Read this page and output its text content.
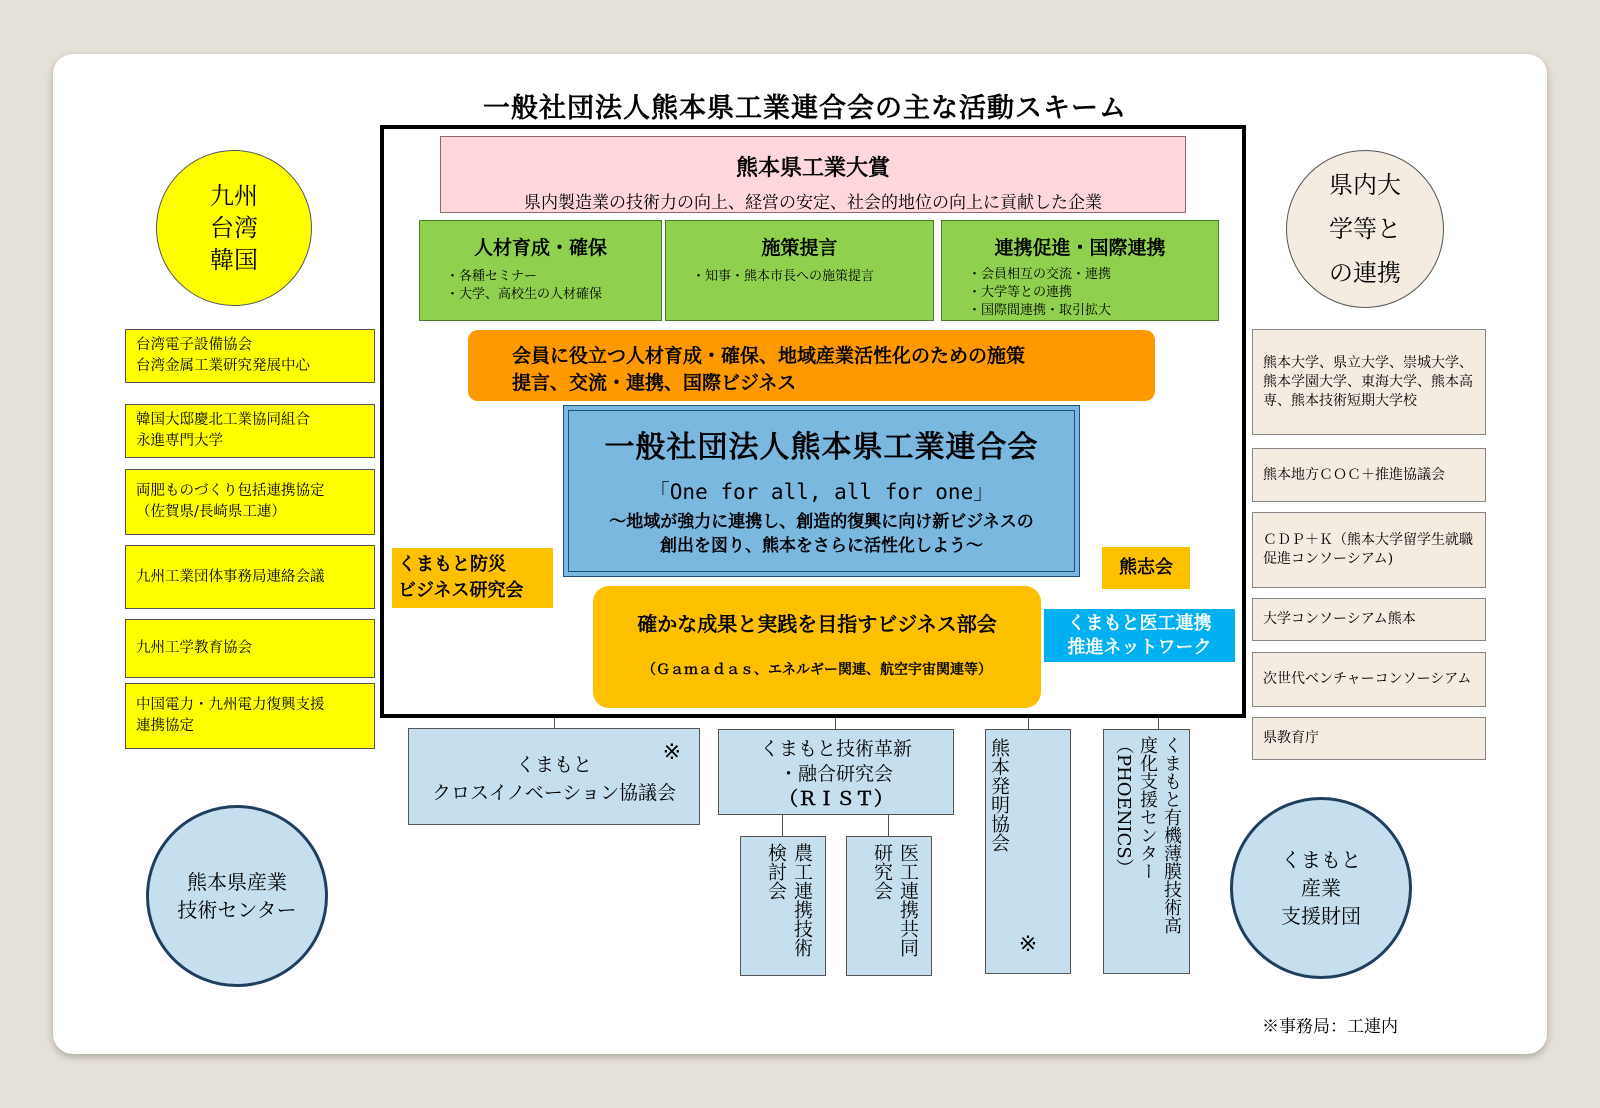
一般社団法人熊本県工業連合会の主な活動スキーム
熊本県工業大賞
県内製造業の技術力の向上、経営の安定、社会的地位の向上に貢献した企業
人材育成・確保
・各種セミナー
・大学、高校生の人材確保
施策提言
・知事・熊本市長への施策提言
連携促進・国際連携
・会員相互の交流・連携
・大学等との連携
・国際間連携・取引拡大
会員に役立つ人材育成・確保、地域産業活性化のための施策
提言、交流・連携、国際ビジネス
一般社団法人熊本県工業連合会
「One for all, all for one」
～地域が強力に連携し、創造的復興に向け新ビジネスの
創出を図り、熊本をさらに活性化しよう～
くまもと防災
ビジネス研究会
熊志会
確かな成果と実践を目指すビジネス部会
（Ｇａｍａｄａｓ、エネルギー関連、航空宇宙関連等）
くまもと医工連携
推進ネットワーク
九州
台湾
韓国
県内大
学等と
の連携
熊本県産業
技術センター
くまもと
産業
支援財団
台湾電子設備協会
台湾金属工業研究発展中心
韓国大邸慶北工業協同組合
永進専門大学
両肥ものづくり包括連携協定
（佐賀県/長崎県工連）
九州工業団体事務局連絡会議
九州工学教育協会
中国電力・九州電力復興支援
連携協定
熊本大学、県立大学、崇城大学、熊本学園大学、東海大学、熊本高専、熊本技術短期大学校
熊本地方ＣＯＣ＋推進協議会
ＣＤＰ＋Ｋ（熊本大学留学生就職促進コンソーシアム)
大学コンソーシアム熊本
次世代ベンチャーコンソーシアム
県教育庁
※
くまもと
クロスイノベーション協議会
くまもと技術革新
・融合研究会
（ＲＩＳＴ）
農工連携技術検討会	医工連携共同研究会
熊本発明協会
※
くまもと有機薄膜技術高
度化支援センター
（PHOENICS）
※事務局：工連内
